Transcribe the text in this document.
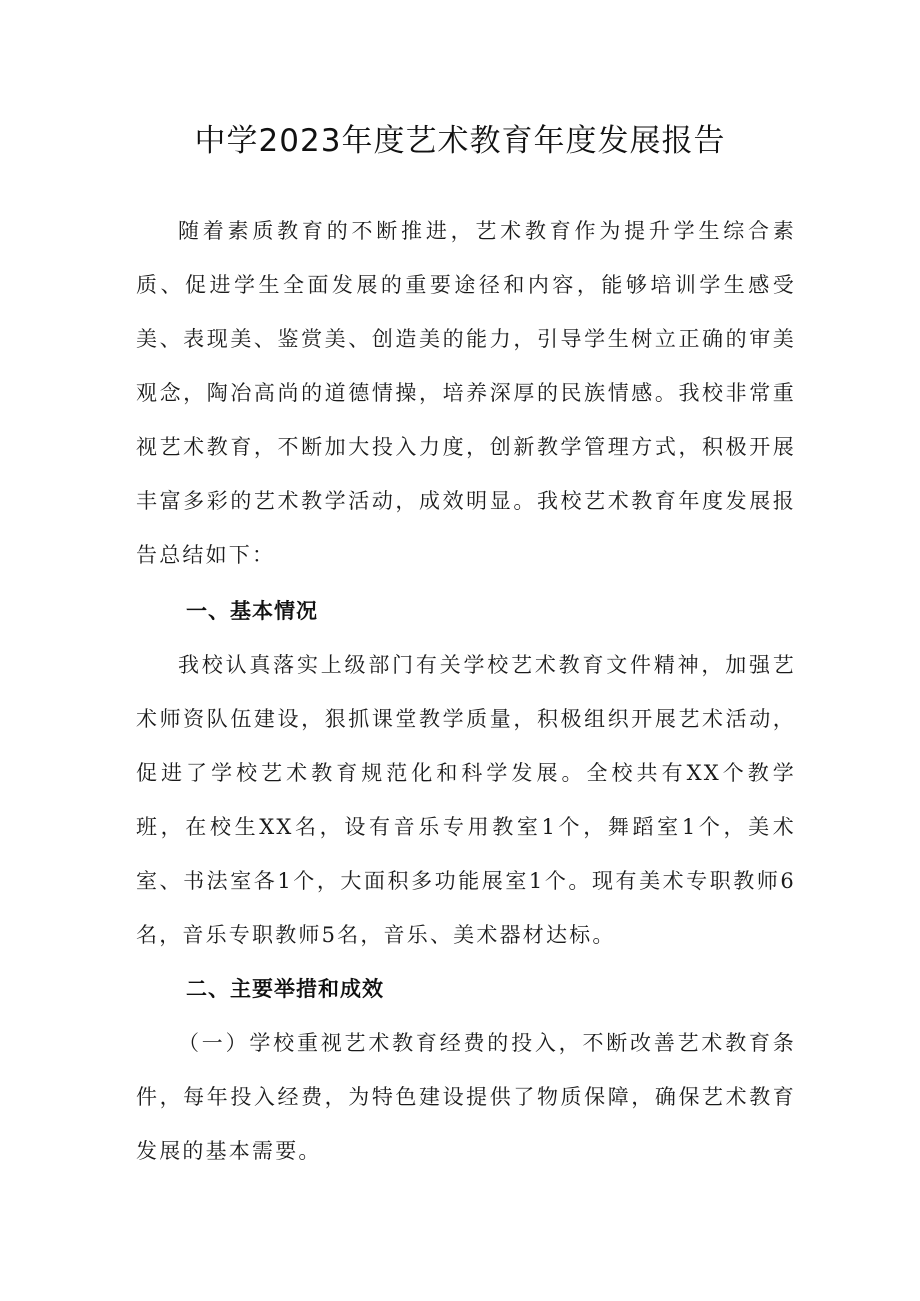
中学2023年度艺术教育年度发展报告

随着素质教育的不断推进，艺术教育作为提升学生综合素质、促进学生全面发展的重要途径和内容，能够培训学生感受美、表现美、鉴赏美、创造美的能力，引导学生树立正确的审美观念，陶冶高尚的道德情操，培养深厚的民族情感。我校非常重视艺术教育，不断加大投入力度，创新教学管理方式，积极开展丰富多彩的艺术教学活动，成效明显。我校艺术教育年度发展报告总结如下：

一、基本情况

我校认真落实上级部门有关学校艺术教育文件精神，加强艺术师资队伍建设，狠抓课堂教学质量，积极组织开展艺术活动，促进了学校艺术教育规范化和科学发展。全校共有XX个教学班，在校生XX名，设有音乐专用教室1个，舞蹈室1个，美术室、书法室各1个，大面积多功能展室1个。现有美术专职教师6名，音乐专职教师5名，音乐、美术器材达标。

二、主要举措和成效

（一）学校重视艺术教育经费的投入，不断改善艺术教育条件，每年投入经费，为特色建设提供了物质保障，确保艺术教育发展的基本需要。
